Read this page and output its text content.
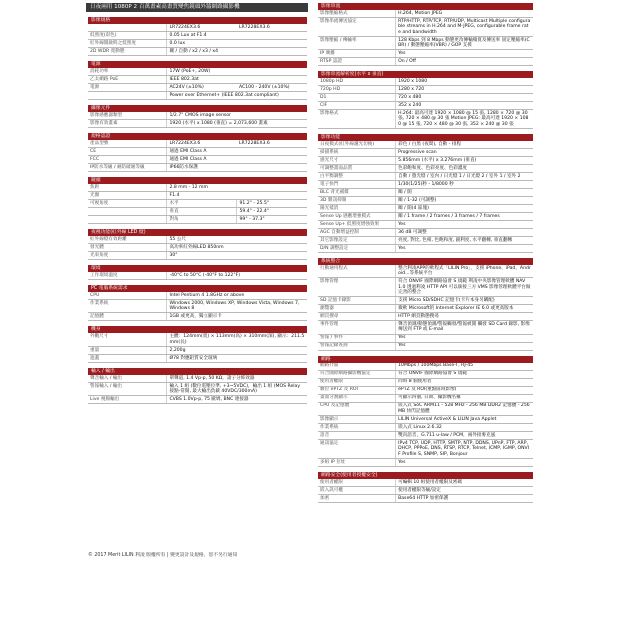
日夜兩用 1080P 2 百萬畫素高畫質變焦鏡頭外牆網路攝影機
影像規格
	LR7224EX3.6	LR7228EX3.6
低照度(彩色)	0.05 Lux at F1.4	
紅外線開啟時之低照度	0.0 lux	
2D WDR 寬動態	關 / 自動 / x2 / x3 / x4	
電源
消耗功率	17W (PoE+, 20W)	
乙太網路 PoE	IEEE 802.3at	
電源	AC24V (±10%)	AC100 - 240V (±10%)
	Power over Ethernet+ (IEEE 802.3at compliant)	
攝像元件
影像感應器類型	1/2.7" CMOS image sensor
影像有效畫素	1920 (水平) x 1080 (垂直) = 2,073,600 畫素
規格認證
產品型號	LR7224EX3.6	LR7228EX3.6
CE	通過 EMI Class A	
FCC	通過 EMI Class A	
IP防水等級 / 耐防破壞等級	IP66防水保護	
鏡頭
焦距	2.8 mm - 12 mm	
光圈	F1.4	
可視角度	水平	91.2° - 25.5°
	垂直	59.4° - 22.4°
	對角	99° - 37.3°
夜視功能(紅外線 LED 燈)
紅外線燈有效距離	55 公尺
發光體	高功率紅外線LED 850nm
光束角度	30°
環境
工作環境溫度	-40°C to 50°C (-40°F to 122°F)
PC 電腦系統需求
CPU	Intel Pentium 4 1.8GHz or above
作業系統	Windows 2000, Windows XP, Windows Vista, Windows 7, Windows 8
記憶體	1GB 或更高，獨立顯示卡
機身
外觀尺寸	主體：124mm(寬) × 113mm(高) × 310mm(深), 顯示：211.5mm(長)
重量	2,200g
遮蓋	Ø78 對應鋁質安全玻璃
輸入 / 輸出
聲音輸入 / 輸出	單聲道, 1.4 Vp-p, 50 KΩ，諸子分佈效器
警報輸入 / 輸出	輸入 1 組 (數位電壓位準, +3~5VDC)，輸出 1 組 (MOS Relay 接點-常開, 最大輸出負載 40VDC/300mA)
Live 視頻輸出	CVBS 1.0Vp-p, 75 歐姆, BNC 連接器
影像串流
影像壓縮格式	H.264, Motion JPEG
影像串流傳送協定	RTP/HTTP, RTP/TCP, RTP/UDP, Multicast Multiple configurable streams in H.264 and M-JPEG, configurable frame rate and bandwidth
影像壓縮 / 傳輸率	128 Kbps 到 8 Mbps 動態更改傳輸頻寬及傳送率 固定壓縮率(CBR) / 動態壓縮率(VBR) / GOP 支援
IP 廣播	Yes
RTSP 認證	On / Off
影像串流解析度(水平 x 垂直)
1080p HD	1920 x 1080
720p HD	1280 x 720
D1	720 x 480
CIF	352 x 240
影像格式	H.264: 最高可達 1920 × 1080 @ 15 張, 1280 × 720 @ 30 張, 720 × 480 @ 30 張 Motion JPEG: 最高可達 1920 × 1080 @ 15 張, 720 × 480 @ 30 張, 352 × 240 @ 30 張
影像功能
日夜模式(紅外線濾光切換)	彩色 / 白黑 (夜間), 自動 - 排程
掃描系統	Progressive scan
感光尺寸	5.856mm (水平) x 3.276mm (垂直)
可調整畫面品質	色彩飽和度、色彩亮度、色彩濃度
白平衡調整	自動 / 螢光燈 / 室內 / 日光燈 1 / 日光燈 2 / 室外 1 / 室外 2
電子快門	1/30(1/25)秒 - 1/8000 秒
BLC 背光補償	關 / 開
3D 雜訊抑制	關 / 1-32 (可調整)
陽光抵消	關 / 開(4 區塊)
Sense Up 感應增強模式	關 / 1 frame / 2 frames / 3 frames / 7 frames
Sense Up+ 低照度增強效果	Yes
AGC 自動增益控制	36 dB 可調整
其它影像設定	亮度, 對比, 色相, 色飽和度, 銳利度, 水平翻轉, 垂直翻轉
D/N 調整設定	Yes
系統整合
行動通用程式	整合利凌APP的軟程式「LILIN Pro」，支援 iPhone、iPad、Android...等系統平台
影像管理	符合 ONVIF 國際網路協會 S 規範 利凌中央影像管理軟體 NAV 1.0 透過利凌 HTTP API 可以銜接三方 VMS 影像管理軟體平台做完善的整合
SD 記憶卡錄影	支援 Micro SD/SDHC 記憶卡(卡片本身另購配)
瀏覽器	微軟 Microsoft的 Internet Explorer IE 6.0 或更高版本
網頁搜尋	HTTP 網頁動態搜尋
事件管理	聲音偵測/動態偵測/警報觸發/警報被開 觸發 SD Card 錄影, 影像傳送到 FTP 或 E-mail
警報 / 事件	Yes
警報記錄查詢	Yes
網路
網路介面	10Mbps / 100Mbps Base-T, RJ-45
符合國際網路攝影機協定	符合 ONVIF 國際網路協會 S 規範
使用者權限	同時 8 個使用者
數位 ePTZ 及 ROI	ePTZ 及 ROI(重點區域影像)
畫面分割顯示	可顯示四個, 日期、攝影機名稱
CPU 及記憶體	嵌入式 SoC ARM11 - 528 MHz - 256 MB DDR2 記憶體 - 256 MB 快閃記憶體
影像顯示	LILIN Universal ActiveX & LILIN Java Applet
作業系統	嵌入式 Linux 2.6.32
語音	雙向語音，G.711 u-law / PCM，兩外接麥克風
通訊協定	IPv4 TCP, UDP, HTTP, SMTP, NTP, DDNS, UPnP, FTP, ARP, DHCP, PPPoE, DNS, RTSP, RTCP, Telnet, ICMP, IGMP, ONVIF Profile S, SNMP, SIP, Bonjour
多組 IP 位址	Yes
網路安全(使用者授權安全)
使用者權限	可編輯 10 組使用者權限及密碼
嵌入訊可權	使用者權限等級/設定
加密	Base64 HTTP 加密保護
© 2017 Merit LILIN 利凌 版權所有 | 變更設計及規格，恕不另行通知
